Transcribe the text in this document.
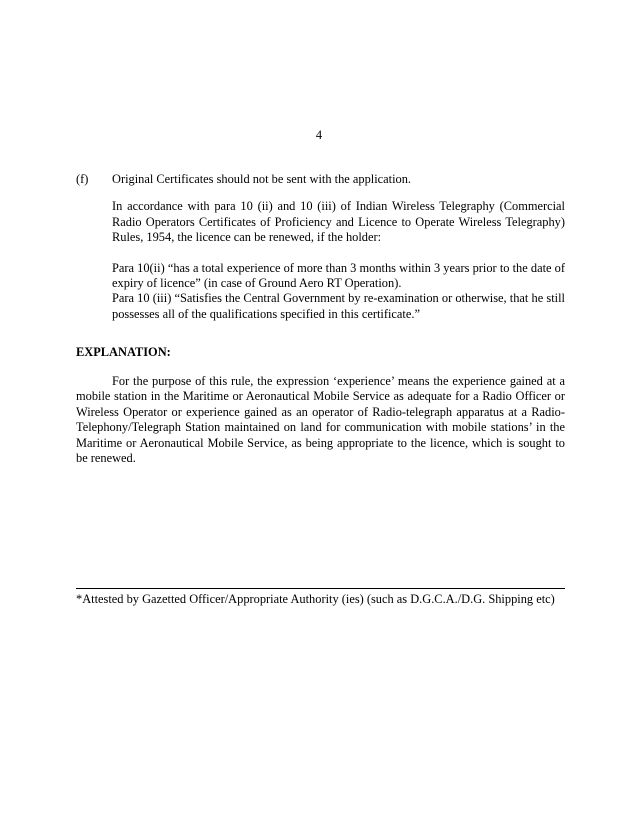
4
(f) Original Certificates should not be sent with the application.

In accordance with para 10 (ii) and 10 (iii) of Indian Wireless Telegraphy (Commercial Radio Operators Certificates of Proficiency and Licence to Operate Wireless Telegraphy) Rules, 1954, the licence can be renewed, if the holder:

Para 10(ii) “has a total experience of more than 3 months within 3 years prior to the date of expiry of licence” (in case of Ground Aero RT Operation).

Para 10 (iii) “Satisfies the Central Government by re-examination or otherwise, that he still possesses all of the qualifications specified in this certificate.”

EXPLANATION:

For the purpose of this rule, the expression ‘experience’ means the experience gained at a mobile station in the Maritime or Aeronautical Mobile Service as adequate for a Radio Officer or Wireless Operator or experience gained as an operator of Radio-telegraph apparatus at a Radio-Telephony/Telegraph Station maintained on land for communication with mobile stations’ in the Maritime or Aeronautical Mobile Service, as being appropriate to the licence, which is sought to be renewed.

*Attested by Gazetted Officer/Appropriate Authority (ies) (such as D.G.C.A./D.G. Shipping etc)
